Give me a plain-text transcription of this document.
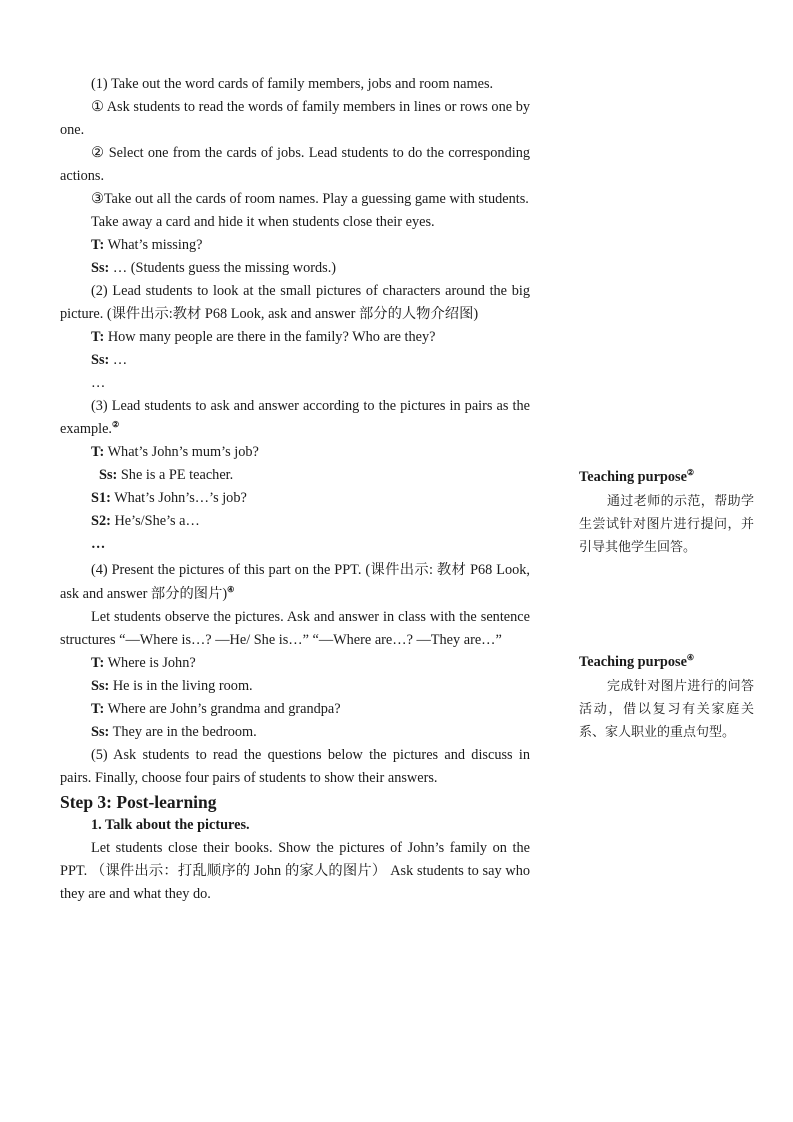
(1) Take out the word cards of family members, jobs and room names.

① Ask students to read the words of family members in lines or rows one by one.

② Select one from the cards of jobs. Lead students to do the corresponding actions.

③Take out all the cards of room names. Play a guessing game with students.

Take away a card and hide it when students close their eyes.

T: What’s missing?

Ss: … (Students guess the missing words.)

(2) Lead students to look at the small pictures of characters around the big picture. (课件出示:教材 P68 Look, ask and answer 部分的人物介绍图)

T: How many people are there in the family? Who are they?

Ss: …

…

(3) Lead students to ask and answer according to the pictures in pairs as the example.②

T: What’s John’s mum’s job?

Ss: She is a PE teacher.

S1: What’s John’s…’s job?

S2: He’s/She’s a…

…

(4) Present the pictures of this part on the PPT. (课件出示: 教材 P68 Look, ask and answer 部分的图片)④

Let students observe the pictures. Ask and answer in class with the sentence structures “—Where is…? —He/ She is…” “—Where are…? —They are…”

T: Where is John?

Ss: He is in the living room.

T: Where are John’s grandma and grandpa?

Ss: They are in the bedroom.

(5) Ask students to read the questions below the pictures and discuss in pairs. Finally, choose four pairs of students to show their answers.

Step 3: Post-learning

1. Talk about the pictures.

Let students close their books. Show the pictures of John’s family on the PPT. （课件出示：打乱顺序的 John 的家人的图片） Ask students to say who they are and what they do.

Teaching purpose②
通过老师的示范，帮助学生尝试针对图片进行提问，并引导其他学生回答。
Teaching purpose④
完成针对图片进行的问答活动，借以复习有关家庭关系、家人职业的重点句型。
